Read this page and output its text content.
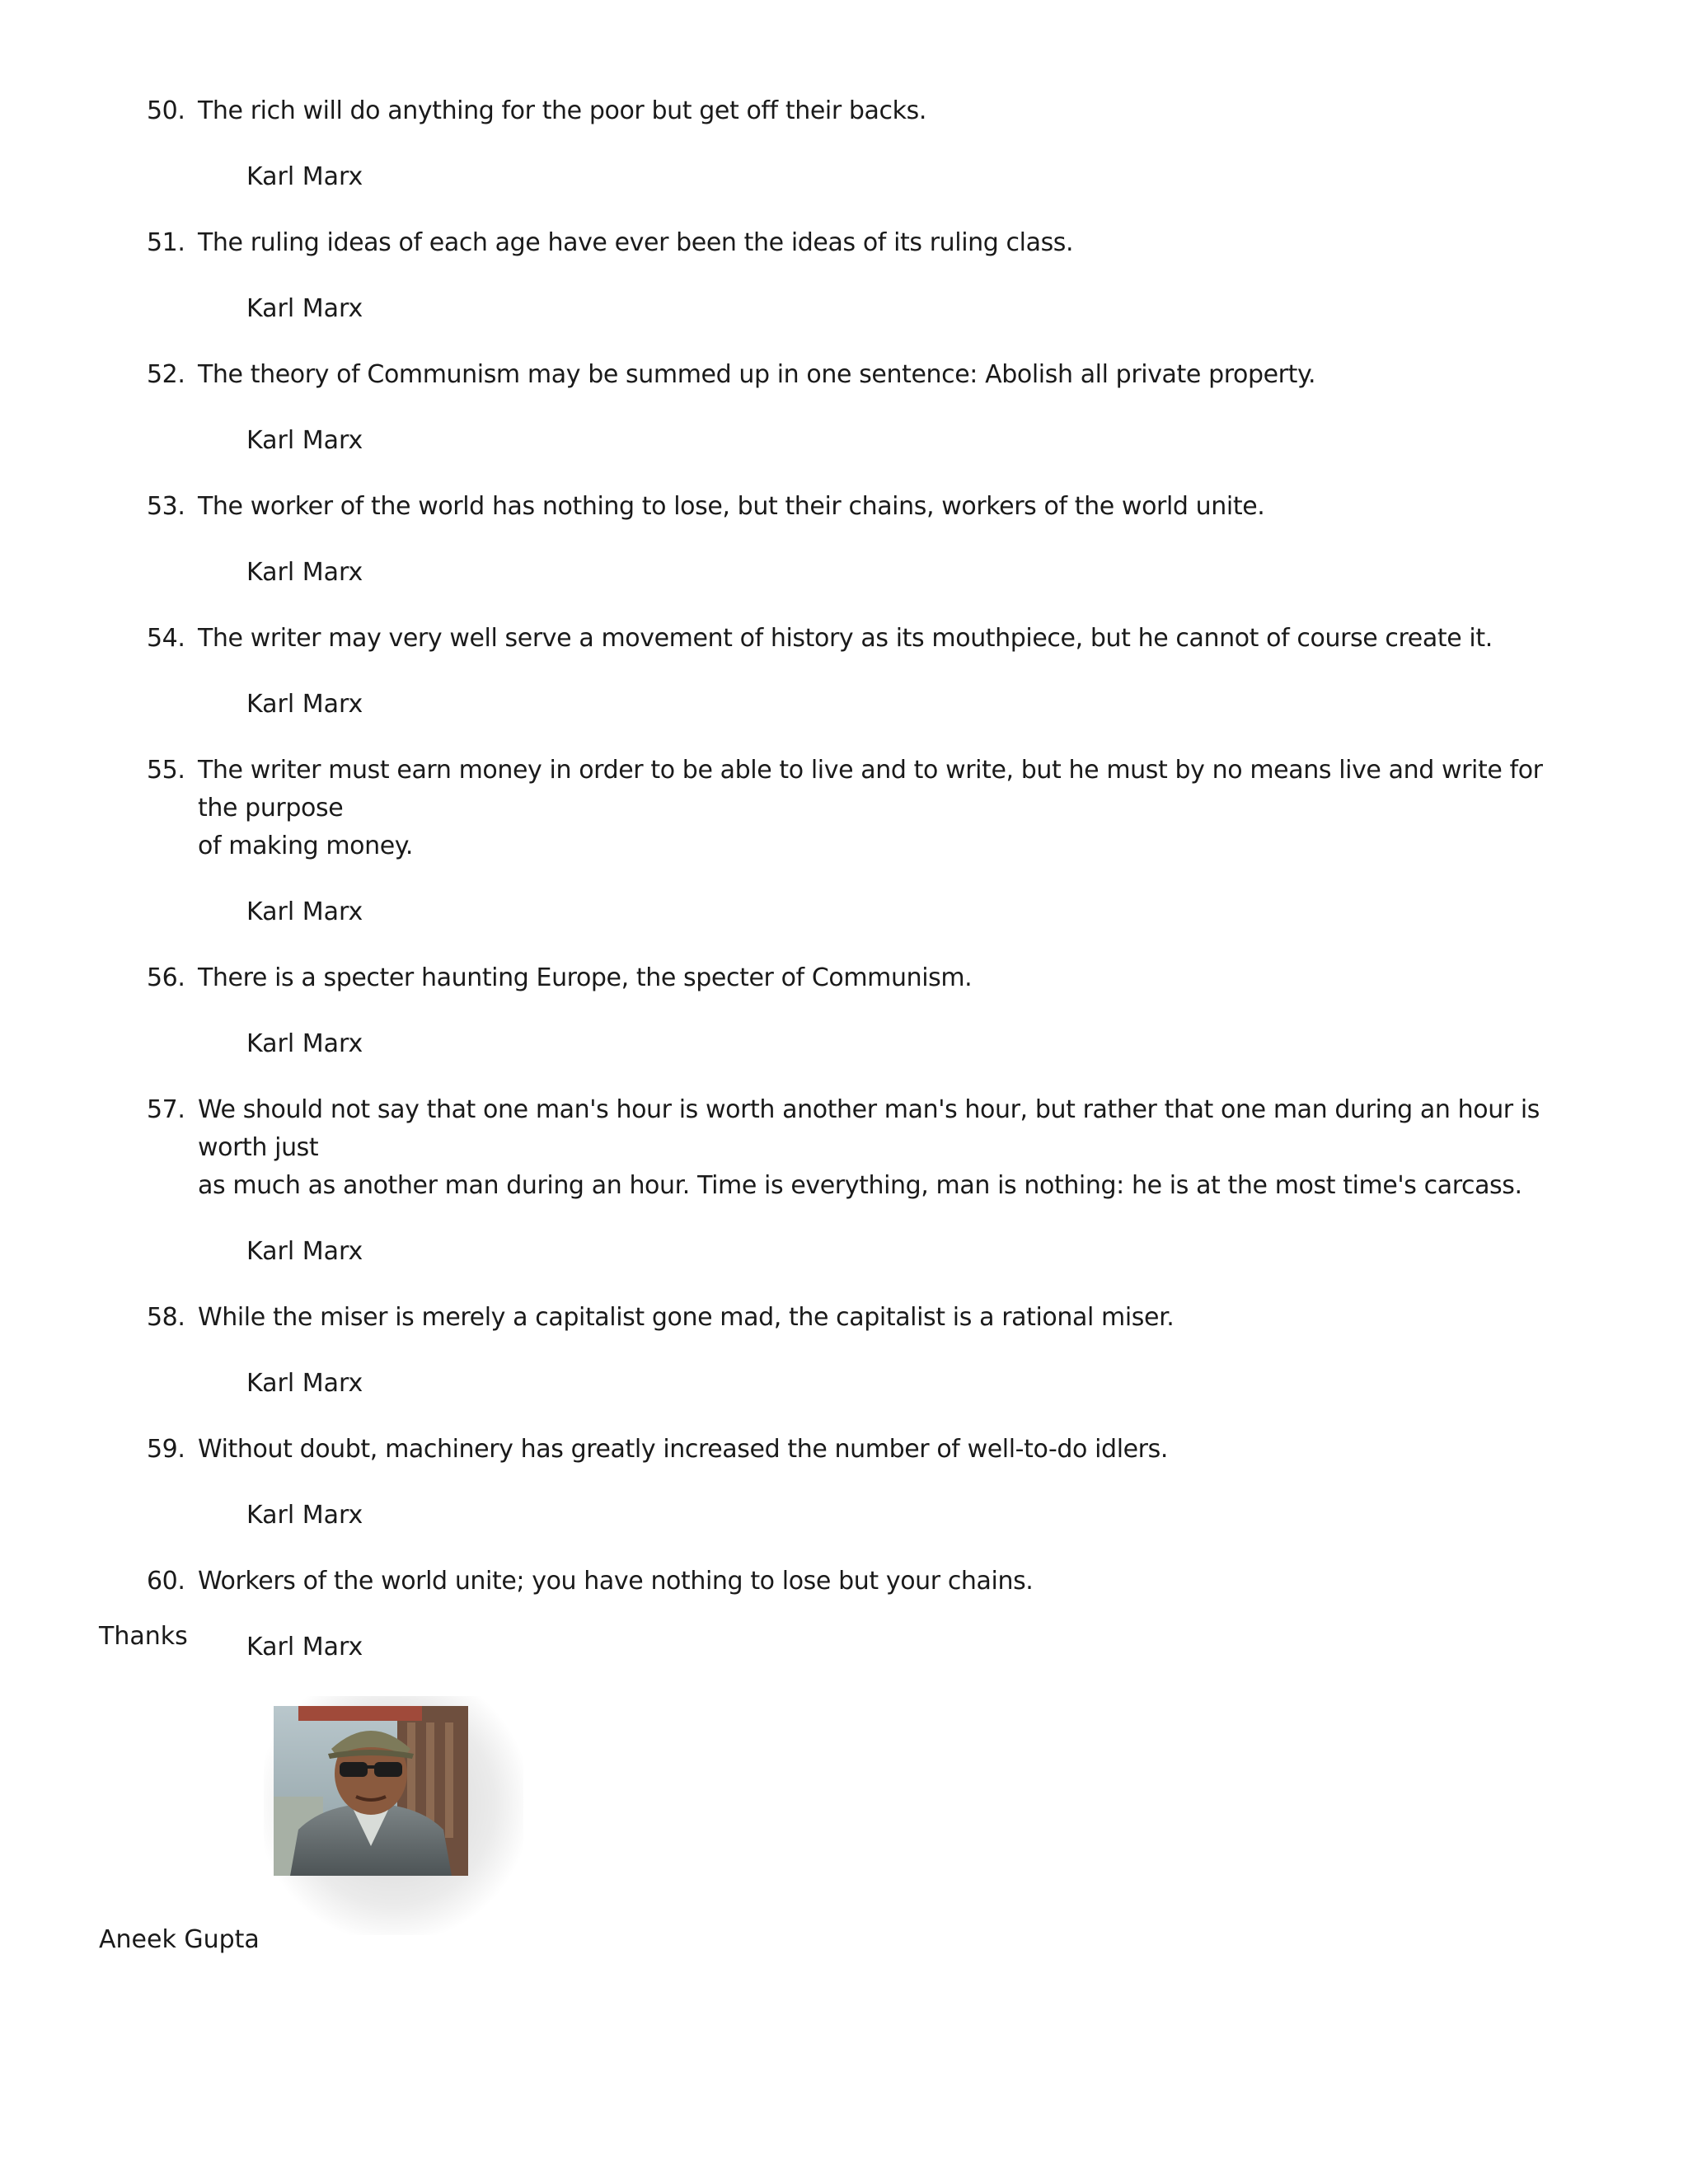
50. The rich will do anything for the poor but get off their backs.
Karl Marx
51. The ruling ideas of each age have ever been the ideas of its ruling class.
Karl Marx
52. The theory of Communism may be summed up in one sentence: Abolish all private property.
Karl Marx
53. The worker of the world has nothing to lose, but their chains, workers of the world unite.
Karl Marx
54. The writer may very well serve a movement of history as its mouthpiece, but he cannot of course create it.
Karl Marx
55. The writer must earn money in order to be able to live and to write, but he must by no means live and write for the purpose
of making money.
Karl Marx
56. There is a specter haunting Europe, the specter of Communism.
Karl Marx
57. We should not say that one man's hour is worth another man's hour, but rather that one man during an hour is worth just
as much as another man during an hour. Time is everything, man is nothing: he is at the most time's carcass.
Karl Marx
58. While the miser is merely a capitalist gone mad, the capitalist is a rational miser.
Karl Marx
59. Without doubt, machinery has greatly increased the number of well-to-do idlers.
Karl Marx
60. Workers of the world unite; you have nothing to lose but your chains.
Karl Marx
Thanks
Aneek Gupta
